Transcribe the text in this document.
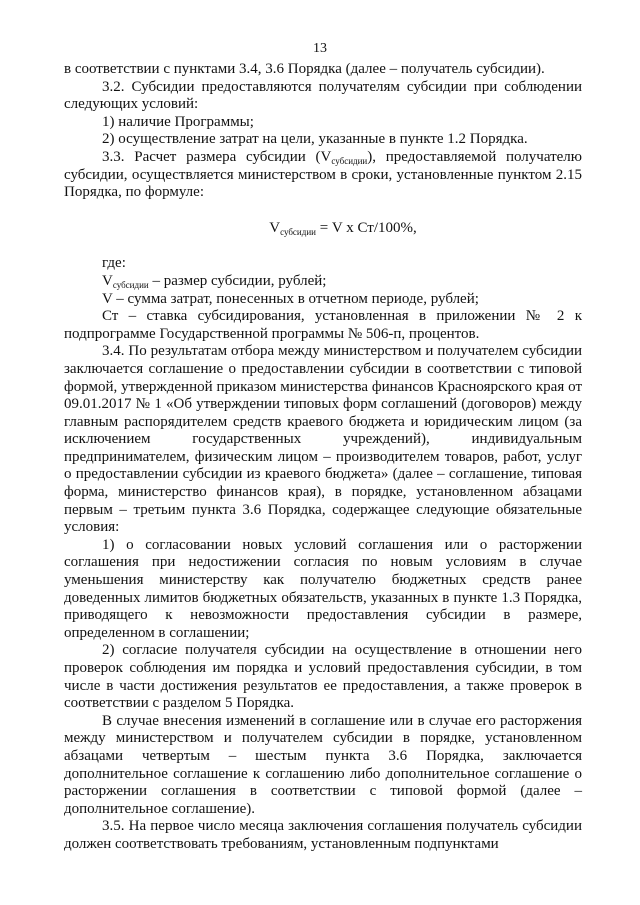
13

в соответствии с пунктами 3.4, 3.6 Порядка (далее – получатель субсидии).

3.2. Субсидии предоставляются получателям субсидии при соблюдении следующих условий:

1) наличие Программы;

2) осуществление затрат на цели, указанные в пункте 1.2 Порядка.

3.3. Расчет размера субсидии $(V_{субсидии})$, предоставляемой получателю субсидии, осуществляется министерством в сроки, установленные пунктом 2.15 Порядка, по формуле:

$V_{субсидии} = V$ x Ст/100%,

где:

$V_{субсидии}$ – размер субсидии, рублей;

V – сумма затрат, понесенных в отчетном периоде, рублей;

Ст – ставка субсидирования, установленная в приложении № 2 к подпрограмме Государственной программы № 506-п, процентов.

3.4. По результатам отбора между министерством и получателем субсидии заключается соглашение о предоставлении субсидии в соответствии с типовой формой, утвержденной приказом министерства финансов Красноярского края от 09.01.2017 № 1 «Об утверждении типовых форм соглашений (договоров) между главным распорядителем средств краевого бюджета и юридическим лицом (за исключением государственных учреждений), индивидуальным предпринимателем, физическим лицом – производителем товаров, работ, услуг о предоставлении субсидии из краевого бюджета» (далее – соглашение, типовая форма, министерство финансов края), в порядке, установленном абзацами первым – третьим пункта 3.6 Порядка, содержащее следующие обязательные условия:

1) о согласовании новых условий соглашения или о расторжении соглашения при недостижении согласия по новым условиям в случае уменьшения министерству как получателю бюджетных средств ранее доведенных лимитов бюджетных обязательств, указанных в пункте 1.3 Порядка, приводящего к невозможности предоставления субсидии в размере, определенном в соглашении;

2) согласие получателя субсидии на осуществление в отношении него проверок соблюдения им порядка и условий предоставления субсидии, в том числе в части достижения результатов ее предоставления, а также проверок в соответствии с разделом 5 Порядка.

В случае внесения изменений в соглашение или в случае его расторжения между министерством и получателем субсидии в порядке, установленном абзацами четвертым – шестым пункта 3.6 Порядка, заключается дополнительное соглашение к соглашению либо дополнительное соглашение о расторжении соглашения в соответствии с типовой формой (далее – дополнительное соглашение).

3.5. На первое число месяца заключения соглашения получатель субсидии должен соответствовать требованиям, установленным подпунктами
